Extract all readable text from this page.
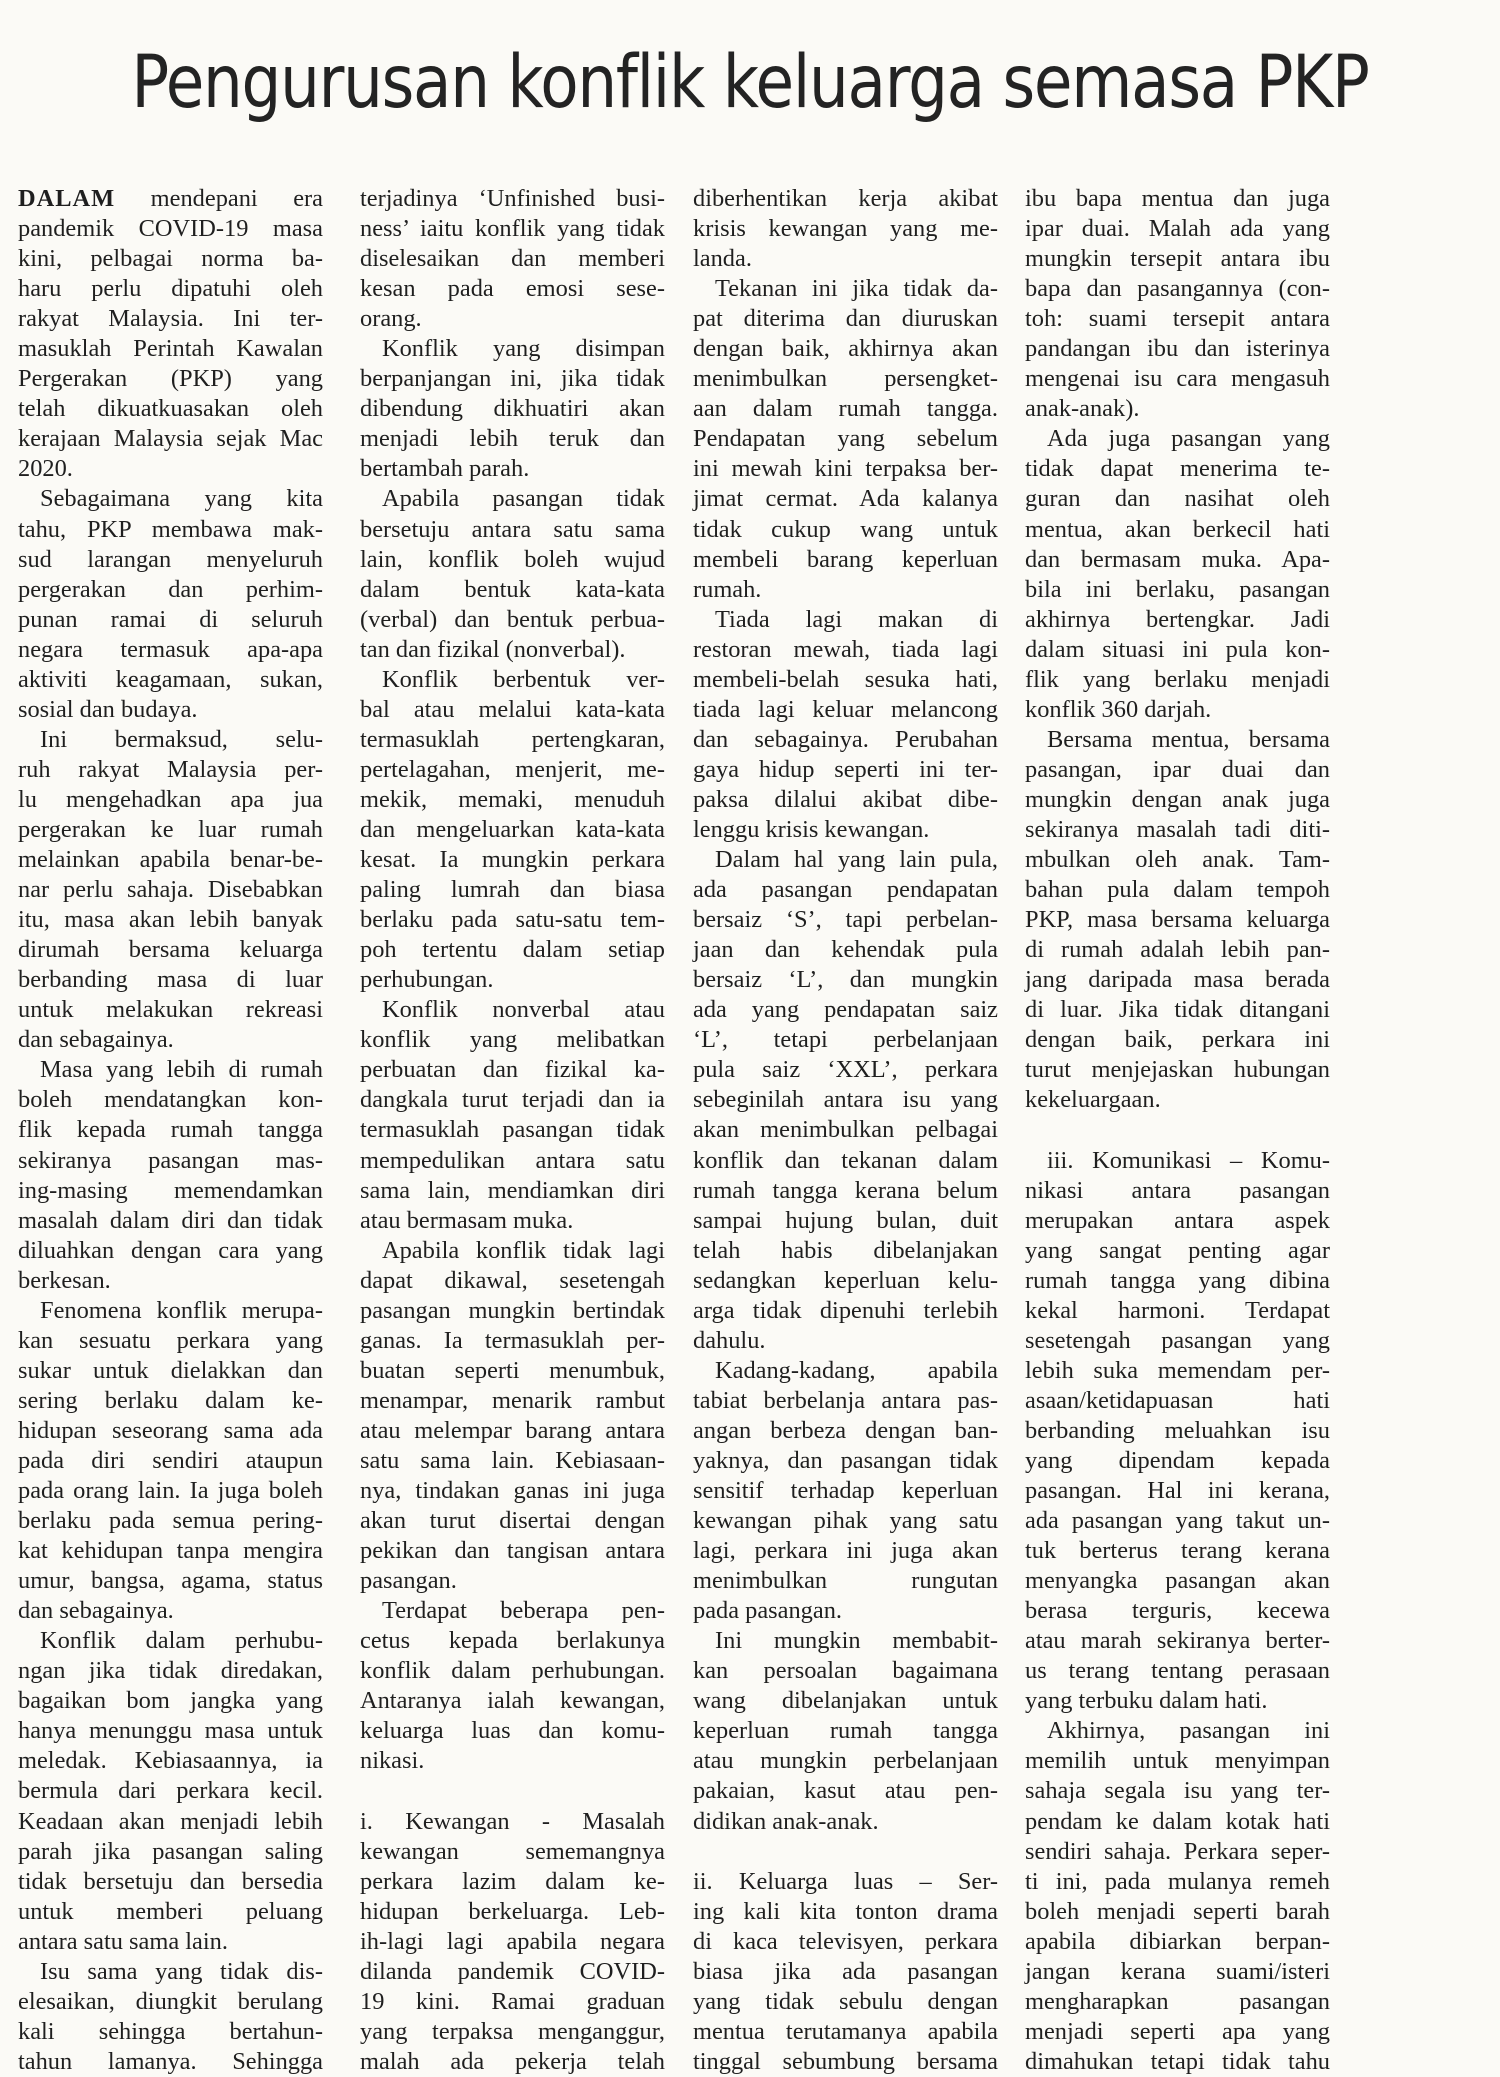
Pengurusan konflik keluarga semasa PKP
DALAM mendepani era
pandemik COVID-19 masa
kini, pelbagai norma ba-
haru perlu dipatuhi oleh
rakyat Malaysia. Ini ter-
masuklah Perintah Kawalan
Pergerakan (PKP) yang
telah dikuatkuasakan oleh
kerajaan Malaysia sejak Mac
2020.
Sebagaimana yang kita
tahu, PKP membawa mak-
sud larangan menyeluruh
pergerakan dan perhim-
punan ramai di seluruh
negara termasuk apa-apa
aktiviti keagamaan, sukan,
sosial dan budaya.
Ini bermaksud, selu-
ruh rakyat Malaysia per-
lu mengehadkan apa jua
pergerakan ke luar rumah
melainkan apabila benar-be-
nar perlu sahaja. Disebabkan
itu, masa akan lebih banyak
dirumah bersama keluarga
berbanding masa di luar
untuk melakukan rekreasi
dan sebagainya.
Masa yang lebih di rumah
boleh mendatangkan kon-
flik kepada rumah tangga
sekiranya pasangan mas-
ing-masing memendamkan
masalah dalam diri dan tidak
diluahkan dengan cara yang
berkesan.
Fenomena konflik merupa-
kan sesuatu perkara yang
sukar untuk dielakkan dan
sering berlaku dalam ke-
hidupan seseorang sama ada
pada diri sendiri ataupun
pada orang lain. Ia juga boleh
berlaku pada semua pering-
kat kehidupan tanpa mengira
umur, bangsa, agama, status
dan sebagainya.
Konflik dalam perhubu-
ngan jika tidak diredakan,
bagaikan bom jangka yang
hanya menunggu masa untuk
meledak. Kebiasaannya, ia
bermula dari perkara kecil.
Keadaan akan menjadi lebih
parah jika pasangan saling
tidak bersetuju dan bersedia
untuk memberi peluang
antara satu sama lain.
Isu sama yang tidak dis-
elesaikan, diungkit berulang
kali sehingga bertahun-
tahun lamanya. Sehingga
terjadinya ‘Unfinished busi-
ness’ iaitu konflik yang tidak
diselesaikan dan memberi
kesan pada emosi sese-
orang.
Konflik yang disimpan
berpanjangan ini, jika tidak
dibendung dikhuatiri akan
menjadi lebih teruk dan
bertambah parah.
Apabila pasangan tidak
bersetuju antara satu sama
lain, konflik boleh wujud
dalam bentuk kata-kata
(verbal) dan bentuk perbua-
tan dan fizikal (nonverbal).
Konflik berbentuk ver-
bal atau melalui kata-kata
termasuklah pertengkaran,
pertelagahan, menjerit, me-
mekik, memaki, menuduh
dan mengeluarkan kata-kata
kesat. Ia mungkin perkara
paling lumrah dan biasa
berlaku pada satu-satu tem-
poh tertentu dalam setiap
perhubungan.
Konflik nonverbal atau
konflik yang melibatkan
perbuatan dan fizikal ka-
dangkala turut terjadi dan ia
termasuklah pasangan tidak
mempedulikan antara satu
sama lain, mendiamkan diri
atau bermasam muka.
Apabila konflik tidak lagi
dapat dikawal, sesetengah
pasangan mungkin bertindak
ganas. Ia termasuklah per-
buatan seperti menumbuk,
menampar, menarik rambut
atau melempar barang antara
satu sama lain. Kebiasaan-
nya, tindakan ganas ini juga
akan turut disertai dengan
pekikan dan tangisan antara
pasangan.
Terdapat beberapa pen-
cetus kepada berlakunya
konflik dalam perhubungan.
Antaranya ialah kewangan,
keluarga luas dan komu-
nikasi.
i. Kewangan - Masalah
kewangan sememangnya
perkara lazim dalam ke-
hidupan berkeluarga. Leb-
ih-lagi lagi apabila negara
dilanda pandemik COVID-
19 kini. Ramai graduan
yang terpaksa menganggur,
malah ada pekerja telah
diberhentikan kerja akibat
krisis kewangan yang me-
landa.
Tekanan ini jika tidak da-
pat diterima dan diuruskan
dengan baik, akhirnya akan
menimbulkan persengket-
aan dalam rumah tangga.
Pendapatan yang sebelum
ini mewah kini terpaksa ber-
jimat cermat. Ada kalanya
tidak cukup wang untuk
membeli barang keperluan
rumah.
Tiada lagi makan di
restoran mewah, tiada lagi
membeli-belah sesuka hati,
tiada lagi keluar melancong
dan sebagainya. Perubahan
gaya hidup seperti ini ter-
paksa dilalui akibat dibe-
lenggu krisis kewangan.
Dalam hal yang lain pula,
ada pasangan pendapatan
bersaiz ‘S’, tapi perbelan-
jaan dan kehendak pula
bersaiz ‘L’, dan mungkin
ada yang pendapatan saiz
‘L’, tetapi perbelanjaan
pula saiz ‘XXL’, perkara
sebeginilah antara isu yang
akan menimbulkan pelbagai
konflik dan tekanan dalam
rumah tangga kerana belum
sampai hujung bulan, duit
telah habis dibelanjakan
sedangkan keperluan kelu-
arga tidak dipenuhi terlebih
dahulu.
Kadang-kadang, apabila
tabiat berbelanja antara pas-
angan berbeza dengan ban-
yaknya, dan pasangan tidak
sensitif terhadap keperluan
kewangan pihak yang satu
lagi, perkara ini juga akan
menimbulkan rungutan
pada pasangan.
Ini mungkin membabit-
kan persoalan bagaimana
wang dibelanjakan untuk
keperluan rumah tangga
atau mungkin perbelanjaan
pakaian, kasut atau pen-
didikan anak-anak.
ii. Keluarga luas – Ser-
ing kali kita tonton drama
di kaca televisyen, perkara
biasa jika ada pasangan
yang tidak sebulu dengan
mentua terutamanya apabila
tinggal sebumbung bersama
ibu bapa mentua dan juga
ipar duai. Malah ada yang
mungkin tersepit antara ibu
bapa dan pasangannya (con-
toh: suami tersepit antara
pandangan ibu dan isterinya
mengenai isu cara mengasuh
anak-anak).
Ada juga pasangan yang
tidak dapat menerima te-
guran dan nasihat oleh
mentua, akan berkecil hati
dan bermasam muka. Apa-
bila ini berlaku, pasangan
akhirnya bertengkar. Jadi
dalam situasi ini pula kon-
flik yang berlaku menjadi
konflik 360 darjah.
Bersama mentua, bersama
pasangan, ipar duai dan
mungkin dengan anak juga
sekiranya masalah tadi diti-
mbulkan oleh anak. Tam-
bahan pula dalam tempoh
PKP, masa bersama keluarga
di rumah adalah lebih pan-
jang daripada masa berada
di luar. Jika tidak ditangani
dengan baik, perkara ini
turut menjejaskan hubungan
kekeluargaan.
iii. Komunikasi – Komu-
nikasi antara pasangan
merupakan antara aspek
yang sangat penting agar
rumah tangga yang dibina
kekal harmoni. Terdapat
sesetengah pasangan yang
lebih suka memendam per-
asaan/ketidapuasan hati
berbanding meluahkan isu
yang dipendam kepada
pasangan. Hal ini kerana,
ada pasangan yang takut un-
tuk berterus terang kerana
menyangka pasangan akan
berasa terguris, kecewa
atau marah sekiranya berter-
us terang tentang perasaan
yang terbuku dalam hati.
Akhirnya, pasangan ini
memilih untuk menyimpan
sahaja segala isu yang ter-
pendam ke dalam kotak hati
sendiri sahaja. Perkara seper-
ti ini, pada mulanya remeh
boleh menjadi seperti barah
apabila dibiarkan berpan-
jangan kerana suami/isteri
mengharapkan pasangan
menjadi seperti apa yang
dimahukan tetapi tidak tahu
